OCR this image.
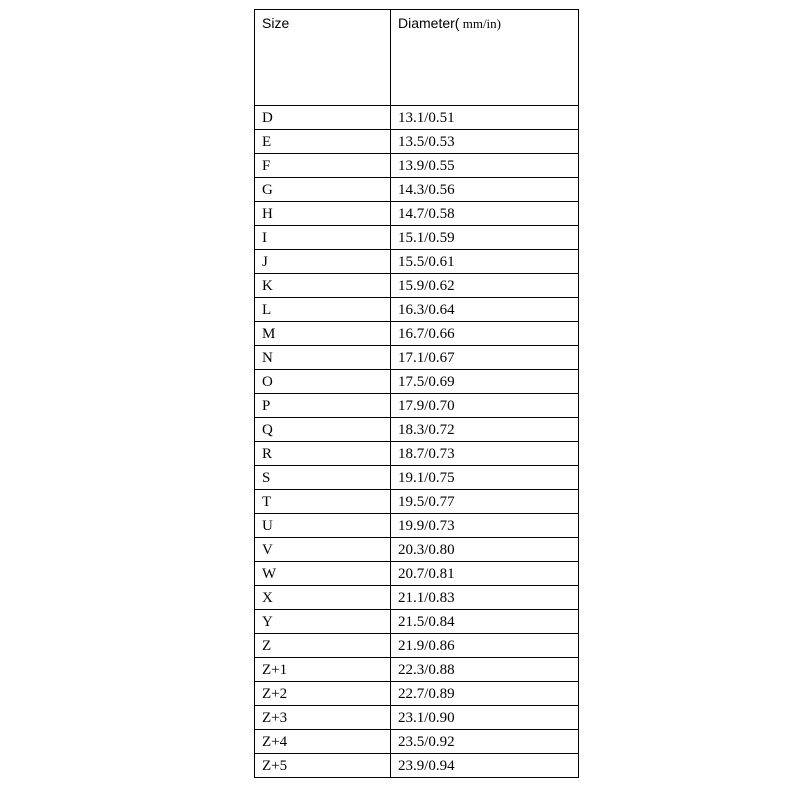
Size	Diameter( mm/in)
D	13.1/0.51
E	13.5/0.53
F	13.9/0.55
G	14.3/0.56
H	14.7/0.58
I	15.1/0.59
J	15.5/0.61
K	15.9/0.62
L	16.3/0.64
M	16.7/0.66
N	17.1/0.67
O	17.5/0.69
P	17.9/0.70
Q	18.3/0.72
R	18.7/0.73
S	19.1/0.75
T	19.5/0.77
U	19.9/0.73
V	20.3/0.80
W	20.7/0.81
X	21.1/0.83
Y	21.5/0.84
Z	21.9/0.86
Z+1	22.3/0.88
Z+2	22.7/0.89
Z+3	23.1/0.90
Z+4	23.5/0.92
Z+5	23.9/0.94
